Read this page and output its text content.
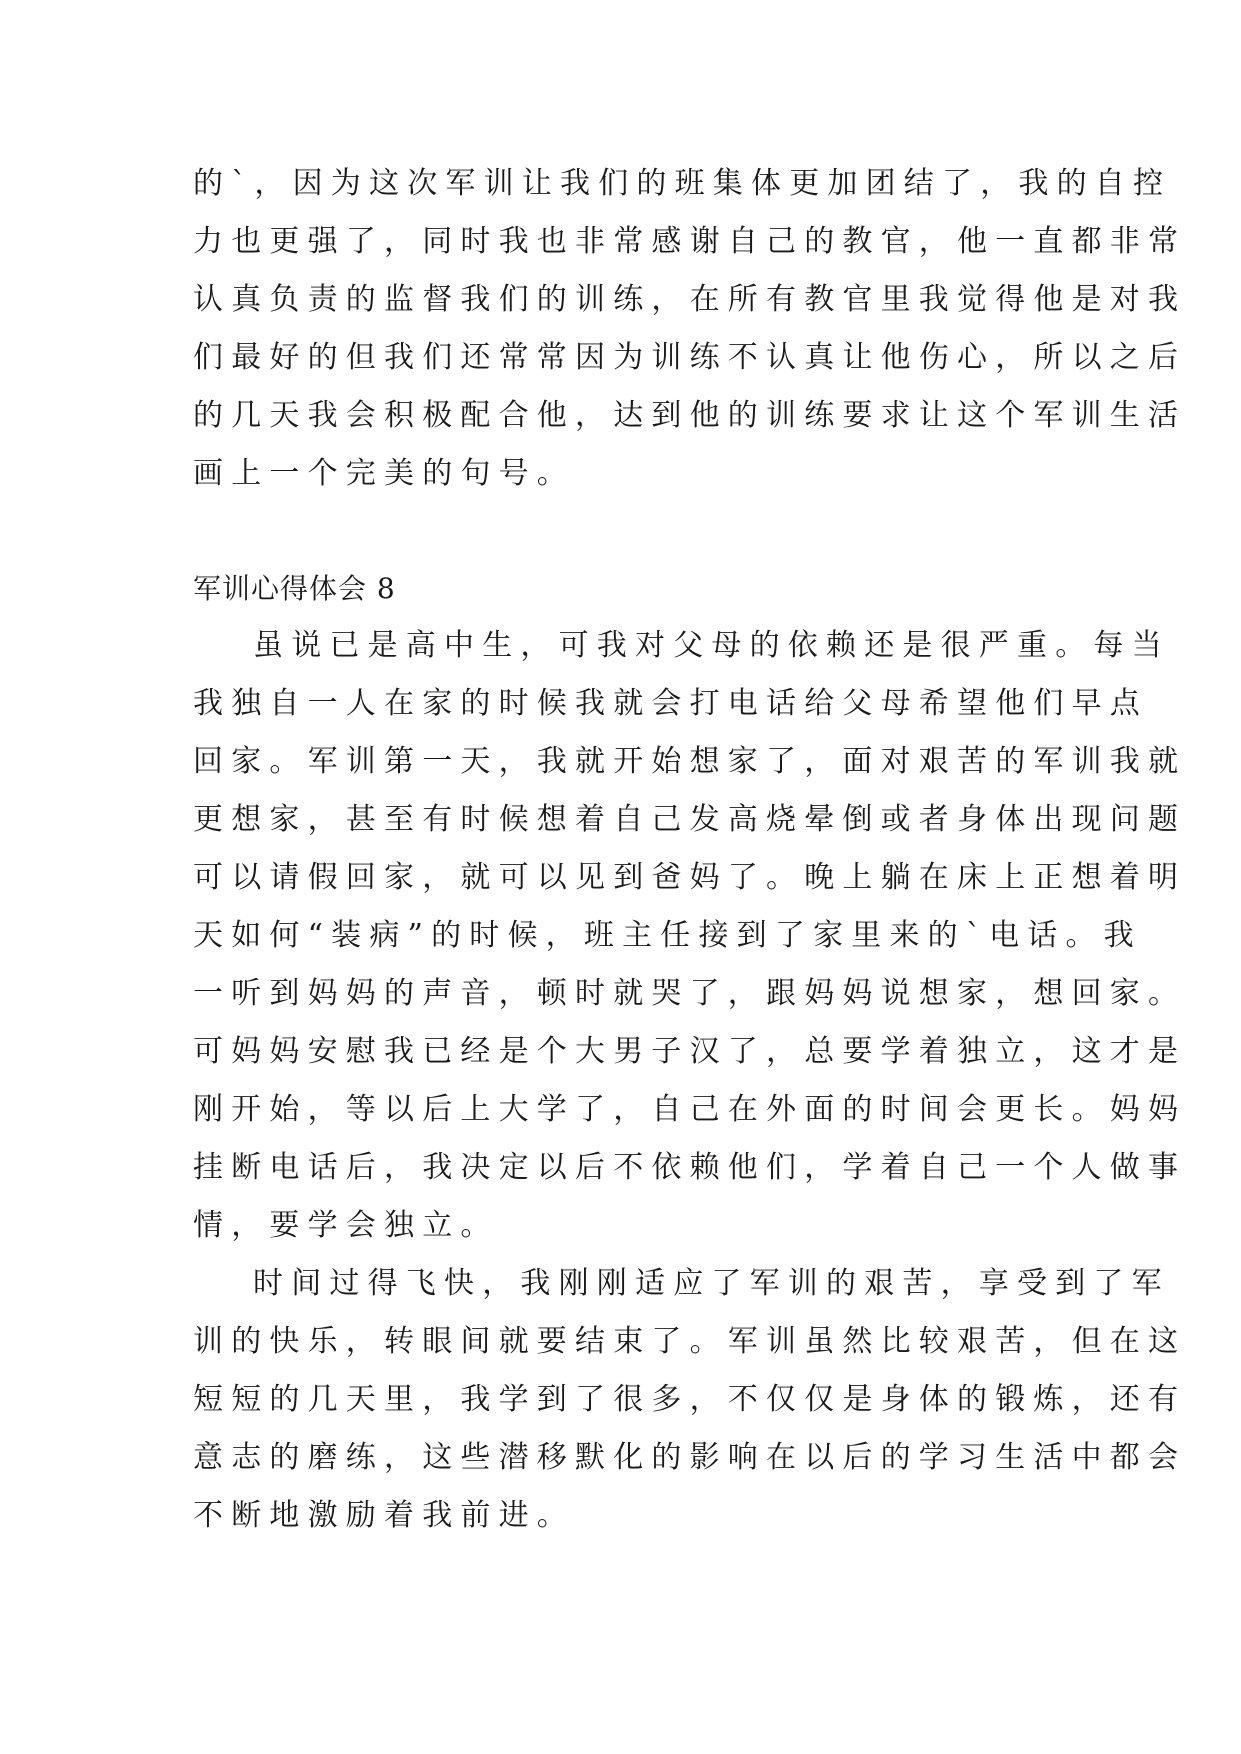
的`，因为这次军训让我们的班集体更加团结了，我的自控
力也更强了，同时我也非常感谢自己的教官，他一直都非常
认真负责的监督我们的训练，在所有教官里我觉得他是对我
们最好的但我们还常常因为训练不认真让他伤心，所以之后
的几天我会积极配合他，达到他的训练要求让这个军训生活
画上一个完美的句号。
军训心得体会 8
虽说已是高中生，可我对父母的依赖还是很严重。每当
我独自一人在家的时候我就会打电话给父母希望他们早点
回家。军训第一天，我就开始想家了，面对艰苦的军训我就
更想家，甚至有时候想着自己发高烧晕倒或者身体出现问题
可以请假回家，就可以见到爸妈了。晚上躺在床上正想着明
天如何“装病”的时候，班主任接到了家里来的`电话。我
一听到妈妈的声音，顿时就哭了，跟妈妈说想家，想回家。
可妈妈安慰我已经是个大男子汉了，总要学着独立，这才是
刚开始，等以后上大学了，自己在外面的时间会更长。妈妈
挂断电话后，我决定以后不依赖他们，学着自己一个人做事
情，要学会独立。
时间过得飞快，我刚刚适应了军训的艰苦，享受到了军
训的快乐，转眼间就要结束了。军训虽然比较艰苦，但在这
短短的几天里，我学到了很多，不仅仅是身体的锻炼，还有
意志的磨练，这些潜移默化的影响在以后的学习生活中都会
不断地激励着我前进。
